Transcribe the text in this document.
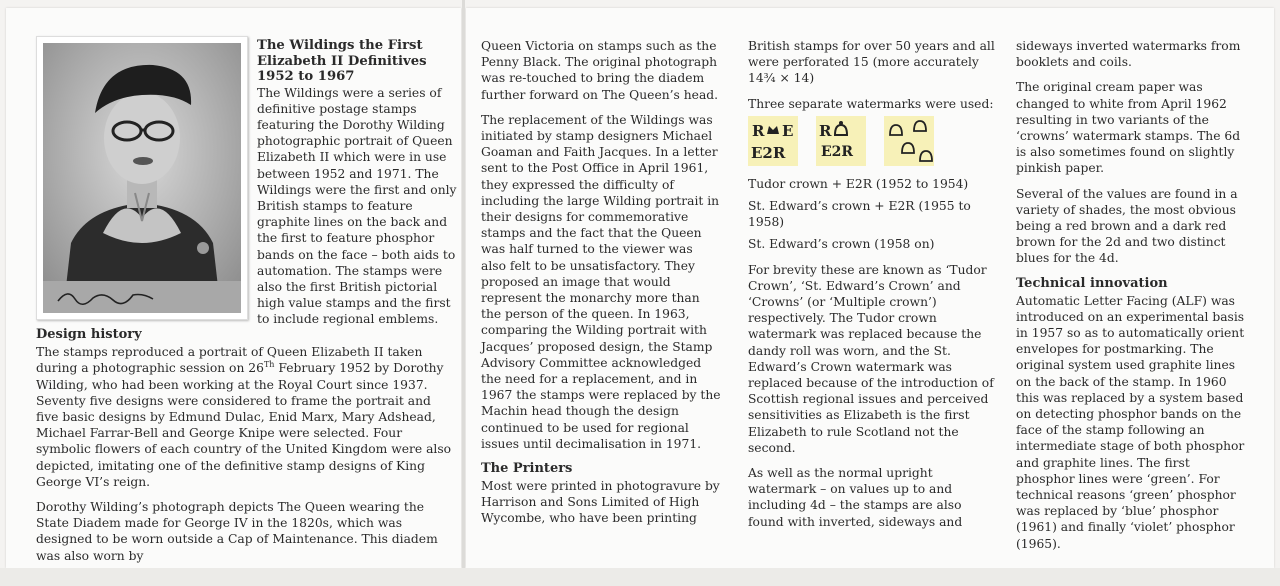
The Wildings the First Elizabeth II Definitives 1952 to 1967
The Wildings were a series of definitive postage stamps featuring the Dorothy Wilding photographic portrait of Queen Elizabeth II which were in use between 1952 and 1971. The Wildings were the first and only British stamps to feature graphite lines on the back and the first to feature phosphor bands on the face – both aids to automation. The stamps were also the first British pictorial high value stamps and the first to include regional emblems.
Design history

The stamps reproduced a portrait of Queen Elizabeth II taken during a photographic session on 26Th February 1952 by Dorothy Wilding, who had been working at the Royal Court since 1937. Seventy five designs were considered to frame the portrait and five basic designs by Edmund Dulac, Enid Marx, Mary Adshead, Michael Farrar-Bell and George Knipe were selected. Four symbolic flowers of each country of the United Kingdom were also depicted, imitating one of the definitive stamp designs of King George VI’s reign.

Dorothy Wilding’s photograph depicts The Queen wearing the State Diadem made for George IV in the 1820s, which was designed to be worn outside a Cap of Maintenance. This diadem was also worn by

Queen Victoria on stamps such as the Penny Black. The original photograph was re-touched to bring the diadem further forward on The Queen’s head.

The replacement of the Wildings was initiated by stamp designers Michael Goaman and Faith Jacques. In a letter sent to the Post Office in April 1961, they expressed the difficulty of including the large Wilding portrait in their designs for commemorative stamps and the fact that the Queen was half turned to the viewer was also felt to be unsatisfactory. They proposed an image that would represent the monarchy more than the person of the queen. In 1963, comparing the Wilding portrait with Jacques’ proposed design, the Stamp Advisory Committee acknowledged the need for a replacement, and in 1967 the stamps were replaced by the Machin head though the design continued to be used for regional issues until decimalisation in 1971.

The Printers

Most were printed in photogravure by Harrison and Sons Limited of High Wycombe, who have been printing

British stamps for over 50 years and all were perforated 15 (more accurately 14¾ × 14)

Three separate watermarks were used:

R E
E2R
R
E2R

Tudor crown + E2R (1952 to 1954)

St. Edward’s crown + E2R (1955 to 1958)

St. Edward’s crown (1958 on)

For brevity these are known as ‘Tudor Crown’, ‘St. Edward’s Crown’ and ‘Crowns’ (or ‘Multiple crown’) respectively. The Tudor crown watermark was replaced because the dandy roll was worn, and the St. Edward’s Crown watermark was replaced because of the introduction of Scottish regional issues and perceived sensitivities as Elizabeth is the first Elizabeth to rule Scotland not the second.

As well as the normal upright watermark – on values up to and including 4d – the stamps are also found with inverted, sideways and

sideways inverted watermarks from booklets and coils.

The original cream paper was changed to white from April 1962 resulting in two variants of the ‘crowns’ watermark stamps. The 6d is also sometimes found on slightly pinkish paper.

Several of the values are found in a variety of shades, the most obvious being a red brown and a dark red brown for the 2d and two distinct blues for the 4d.

Technical innovation

Automatic Letter Facing (ALF) was introduced on an experimental basis in 1957 so as to automatically orient envelopes for postmarking. The original system used graphite lines on the back of the stamp. In 1960 this was replaced by a system based on detecting phosphor bands on the face of the stamp following an intermediate stage of both phosphor and graphite lines. The first phosphor lines were ‘green’. For technical reasons ‘green’ phosphor was replaced by ‘blue’ phosphor (1961) and finally ‘violet’ phosphor (1965).
